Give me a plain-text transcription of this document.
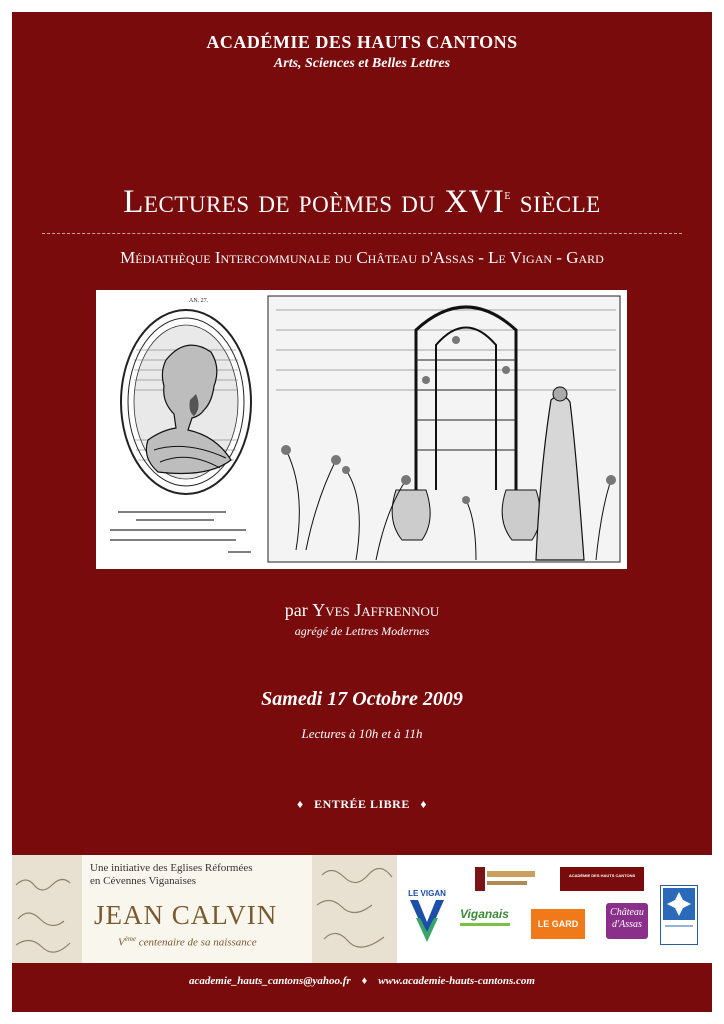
ACADÉMIE DES HAUTS CANTONS
Arts, Sciences et Belles Lettres
Lectures de poèmes du XVIe siècle
Médiathèque Intercommunale du Château d'Assas - Le Vigan - Gard
AN. 27.
par Yves Jaffrennou
agrégé de Lettres Modernes
Samedi 17 Octobre 2009
Lectures à 10h et à 11h
♦ ENTRÉE LIBRE ♦
Une initiative des Eglises Réformées
en Cévennes Viganaises
JEAN CALVIN
Vème centenaire de sa naissance
LE VIGAN
Viganais
LE GARD
ACADÉMIE DES HAUTS CANTONS
Château d'Assas
academie_hauts_cantons@yahoo.fr ♦ www.academie-hauts-cantons.com
